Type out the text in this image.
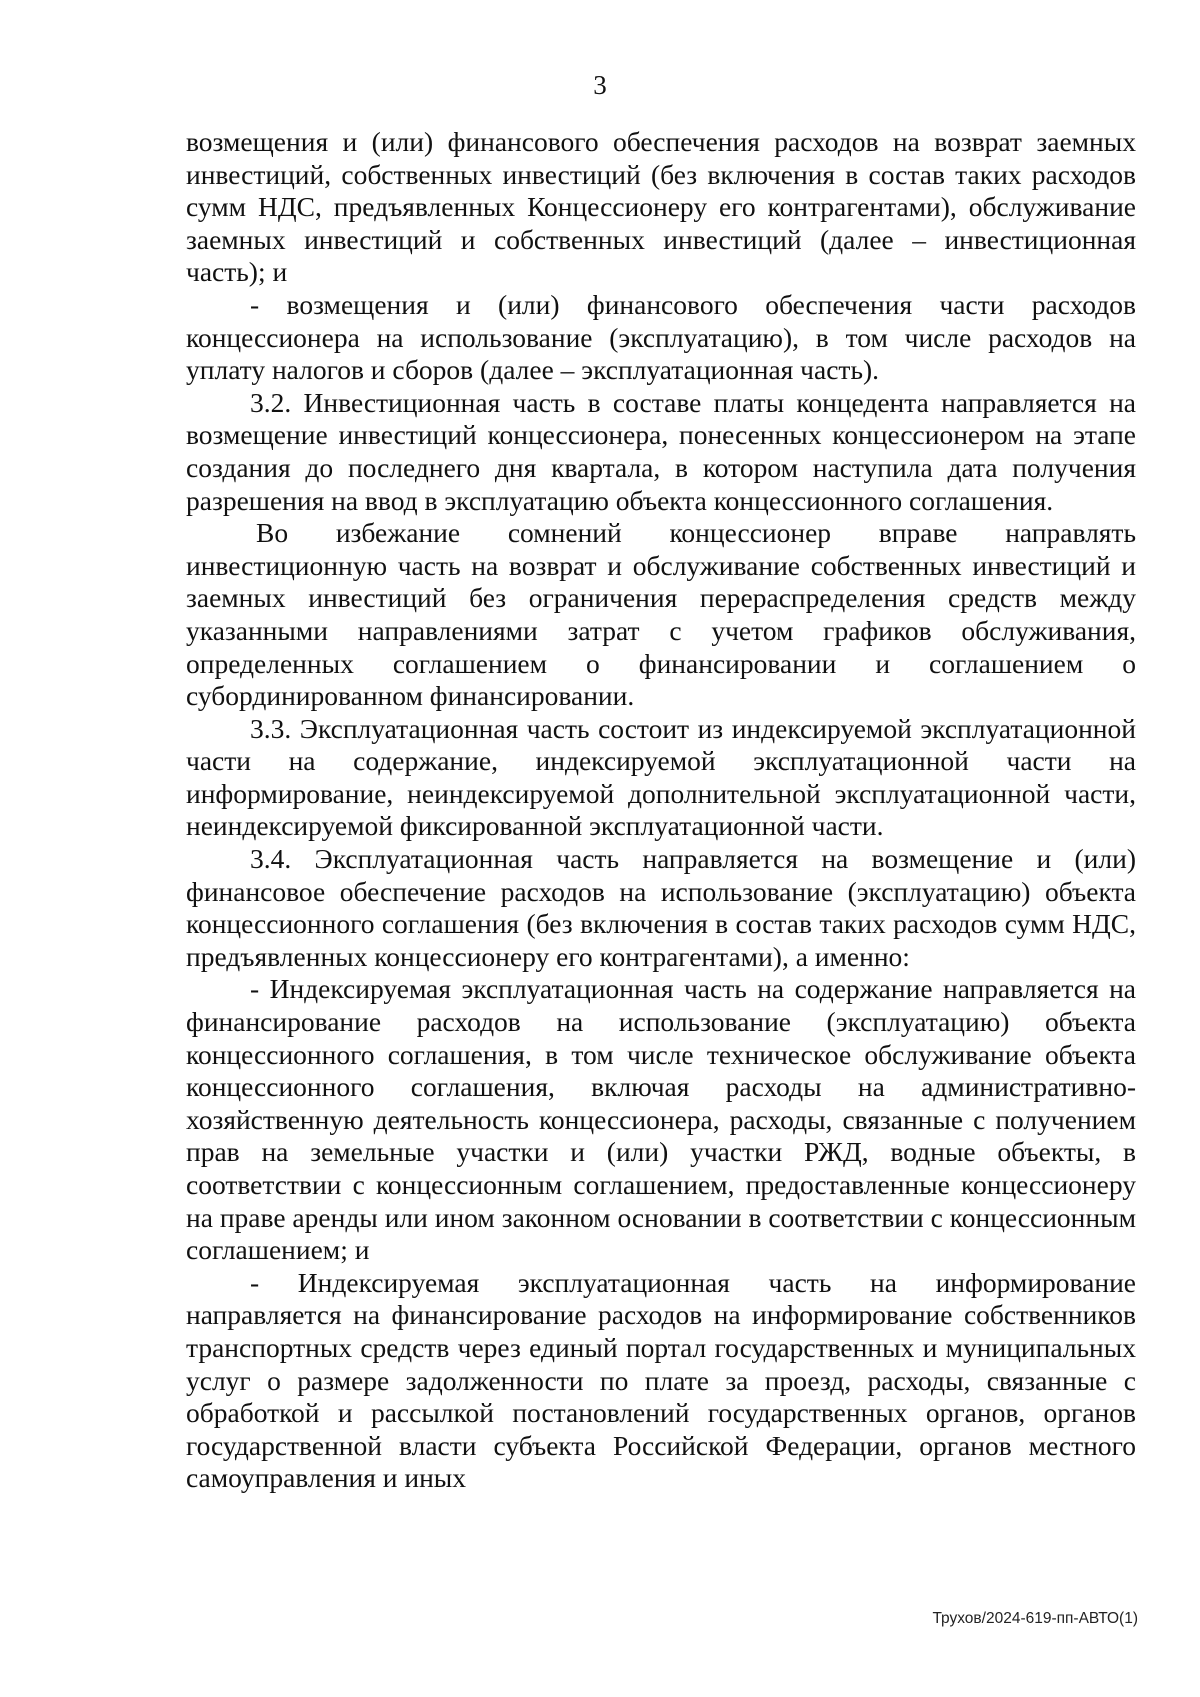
3

возмещения и (или) финансового обеспечения расходов на возврат заемных инвестиций, собственных инвестиций (без включения в состав таких расходов сумм НДС, предъявленных Концессионеру его контрагентами), обслуживание заемных инвестиций и собственных инвестиций (далее – инвестиционная часть); и

- возмещения и (или) финансового обеспечения части расходов концессионера на использование (эксплуатацию), в том числе расходов на уплату налогов и сборов (далее – эксплуатационная часть).

3.2. Инвестиционная часть в составе платы концедента направляется на возмещение инвестиций концессионера, понесенных концессионером на этапе создания до последнего дня квартала, в котором наступила дата получения разрешения на ввод в эксплуатацию объекта концессионного соглашения.

Во избежание сомнений концессионер вправе направлять инвестиционную часть на возврат и обслуживание собственных инвестиций и заемных инвестиций без ограничения перераспределения средств между указанными направлениями затрат с учетом графиков обслуживания, определенных соглашением о финансировании и соглашением о субординированном финансировании.

3.3. Эксплуатационная часть состоит из индексируемой эксплуатационной части на содержание, индексируемой эксплуатационной части на информирование, неиндексируемой дополнительной эксплуатационной части, неиндексируемой фиксированной эксплуатационной части.

3.4. Эксплуатационная часть направляется на возмещение и (или) финансовое обеспечение расходов на использование (эксплуатацию) объекта концессионного соглашения (без включения в состав таких расходов сумм НДС, предъявленных концессионеру его контрагентами), а именно:

- Индексируемая эксплуатационная часть на содержание направляется на финансирование расходов на использование (эксплуатацию) объекта концессионного соглашения, в том числе техническое обслуживание объекта концессионного соглашения, включая расходы на административно-хозяйственную деятельность концессионера, расходы, связанные с получением прав на земельные участки и (или) участки РЖД, водные объекты, в соответствии с концессионным соглашением, предоставленные концессионеру на праве аренды или ином законном основании в соответствии с концессионным соглашением; и

- Индексируемая эксплуатационная часть на информирование направляется на финансирование расходов на информирование собственников транспортных средств через единый портал государственных и муниципальных услуг о размере задолженности по плате за проезд, расходы, связанные с обработкой и рассылкой постановлений государственных органов, органов государственной власти субъекта Российской Федерации, органов местного самоуправления и иных

Трухов/2024-619-пп-АВТО(1)
